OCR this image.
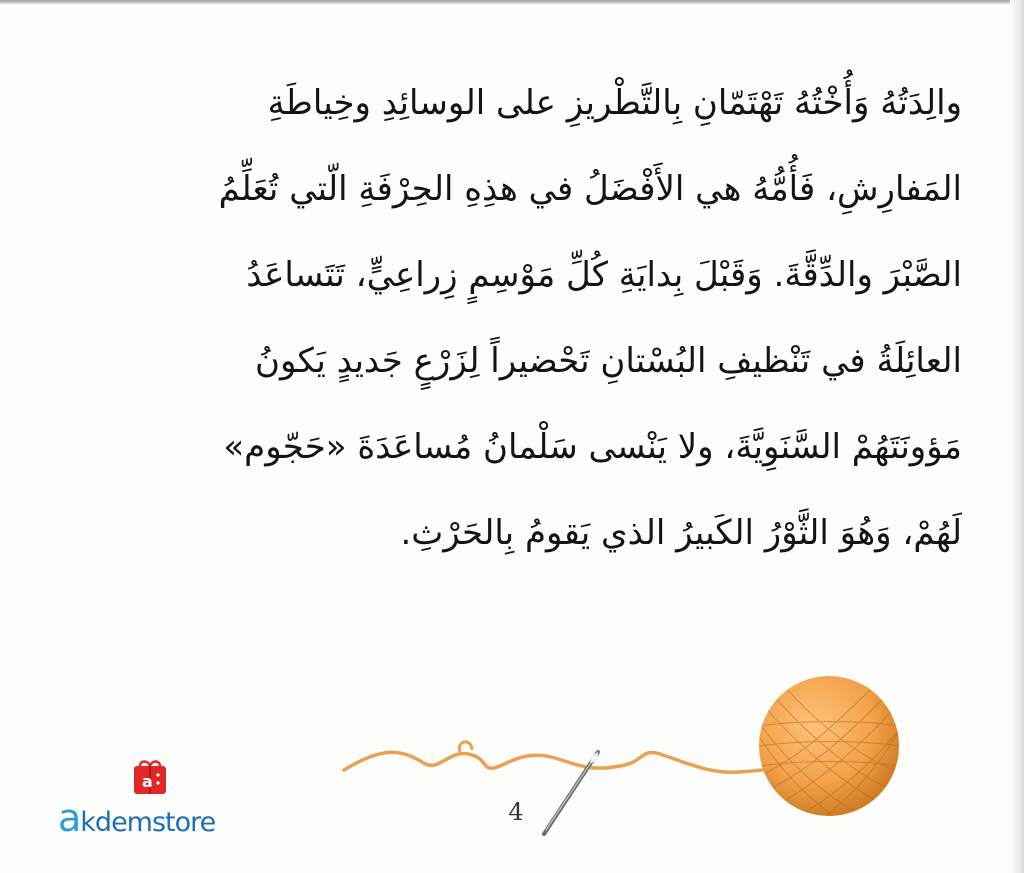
والِدَتُهُ وَأُخْتُهُ تَهْتَمّانِ بِالتَّطْريزِ على الوسائِدِ وخِياطَةِ
المَفارِشِ، فَأُمُّهُ هي الأَفْضَلُ في هذِهِ الحِرْفَةِ الّتي تُعَلِّمُ
الصَّبْرَ والدِّقَّةَ. وَقَبْلَ بِدايَةِ كُلِّ مَوْسِمٍ زِراعِيٍّ، تَتَساعَدُ
العائِلَةُ في تَنْظيفِ البُسْتانِ تَحْضيراً لِزَرْعٍ جَديدٍ يَكونُ
مَؤونَتَهُمْ السَّنَوِيَّةَ، ولا يَنْسى سَلْمانُ مُساعَدَةَ «حَجّوم»
لَهُمْ، وَهُوَ الثَّوْرُ الكَبيرُ الذي يَقومُ بِالحَرْثِ.
4
a
akdemstore
